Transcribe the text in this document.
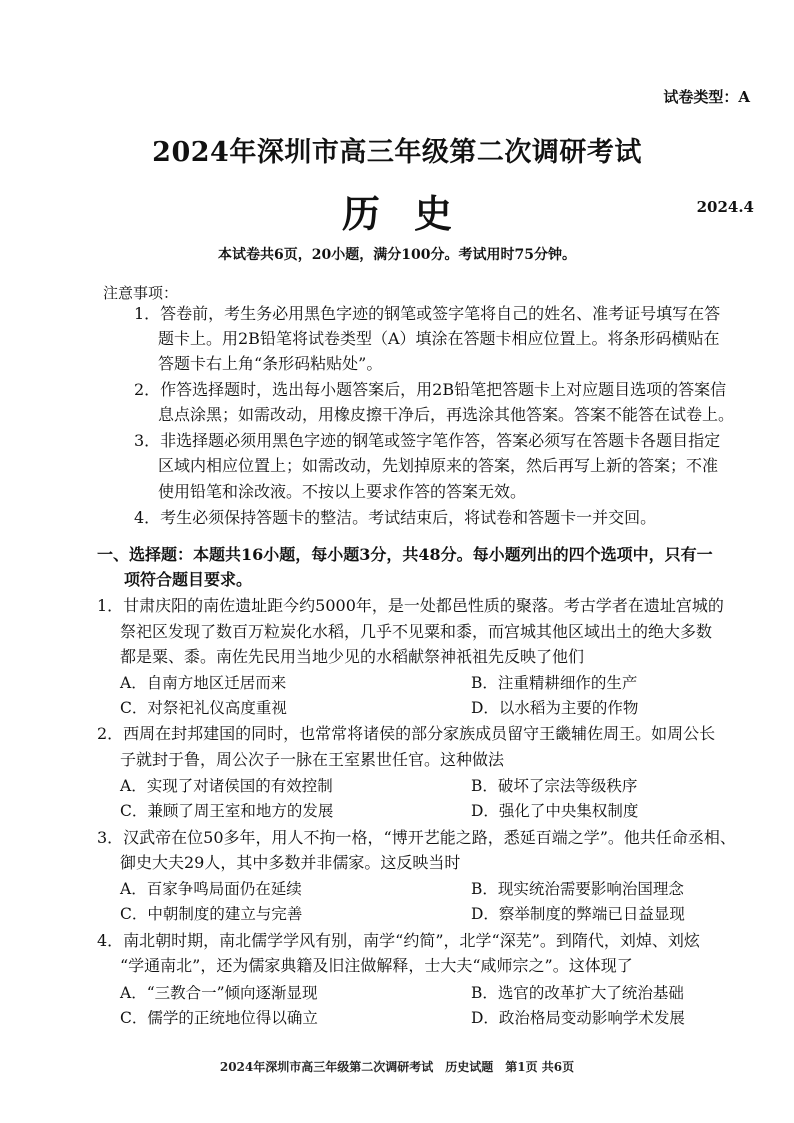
试卷类型：A
2024年深圳市高三年级第二次调研考试
历史	2024.4
本试卷共6页，20小题，满分100分。考试用时75分钟。
注意事项：
1．答卷前，考生务必用黑色字迹的钢笔或签字笔将自己的姓名、准考证号填写在答
题卡上。用2B铅笔将试卷类型（A）填涂在答题卡相应位置上。将条形码横贴在
答题卡右上角“条形码粘贴处”。
2．作答选择题时，选出每小题答案后，用2B铅笔把答题卡上对应题目选项的答案信
息点涂黑；如需改动，用橡皮擦干净后，再选涂其他答案。答案不能答在试卷上。
3．非选择题必须用黑色字迹的钢笔或签字笔作答，答案必须写在答题卡各题目指定
区域内相应位置上；如需改动，先划掉原来的答案，然后再写上新的答案；不准
使用铅笔和涂改液。不按以上要求作答的答案无效。
4．考生必须保持答题卡的整洁。考试结束后，将试卷和答题卡一并交回。
一、选择题：本题共16小题，每小题3分，共48分。每小题列出的四个选项中，只有一
项符合题目要求。
1．甘肃庆阳的南佐遗址距今约5000年，是一处都邑性质的聚落。考古学者在遗址宫城的
祭祀区发现了数百万粒炭化水稻，几乎不见粟和黍，而宫城其他区域出土的绝大多数
都是粟、黍。南佐先民用当地少见的水稻献祭神祇祖先反映了他们
A．自南方地区迁居而来	B．注重精耕细作的生产
C．对祭祀礼仪高度重视	D．以水稻为主要的作物
2．西周在封邦建国的同时，也常常将诸侯的部分家族成员留守王畿辅佐周王。如周公长
子就封于鲁，周公次子一脉在王室累世任官。这种做法
A．实现了对诸侯国的有效控制	B．破坏了宗法等级秩序
C．兼顾了周王室和地方的发展	D．强化了中央集权制度
3．汉武帝在位50多年，用人不拘一格，“博开艺能之路，悉延百端之学”。他共任命丞相、
御史大夫29人，其中多数并非儒家。这反映当时
A．百家争鸣局面仍在延续	B．现实统治需要影响治国理念
C．中朝制度的建立与完善	D．察举制度的弊端已日益显现
4．南北朝时期，南北儒学学风有别，南学“约简”，北学“深芜”。到隋代，刘焯、刘炫
“学通南北”，还为儒家典籍及旧注做解释，士大夫“咸师宗之”。这体现了
A．“三教合一”倾向逐渐显现	B．选官的改革扩大了统治基础
C．儒学的正统地位得以确立	D．政治格局变动影响学术发展
2024年深圳市高三年级第二次调研考试　历史试题　第1页 共6页
